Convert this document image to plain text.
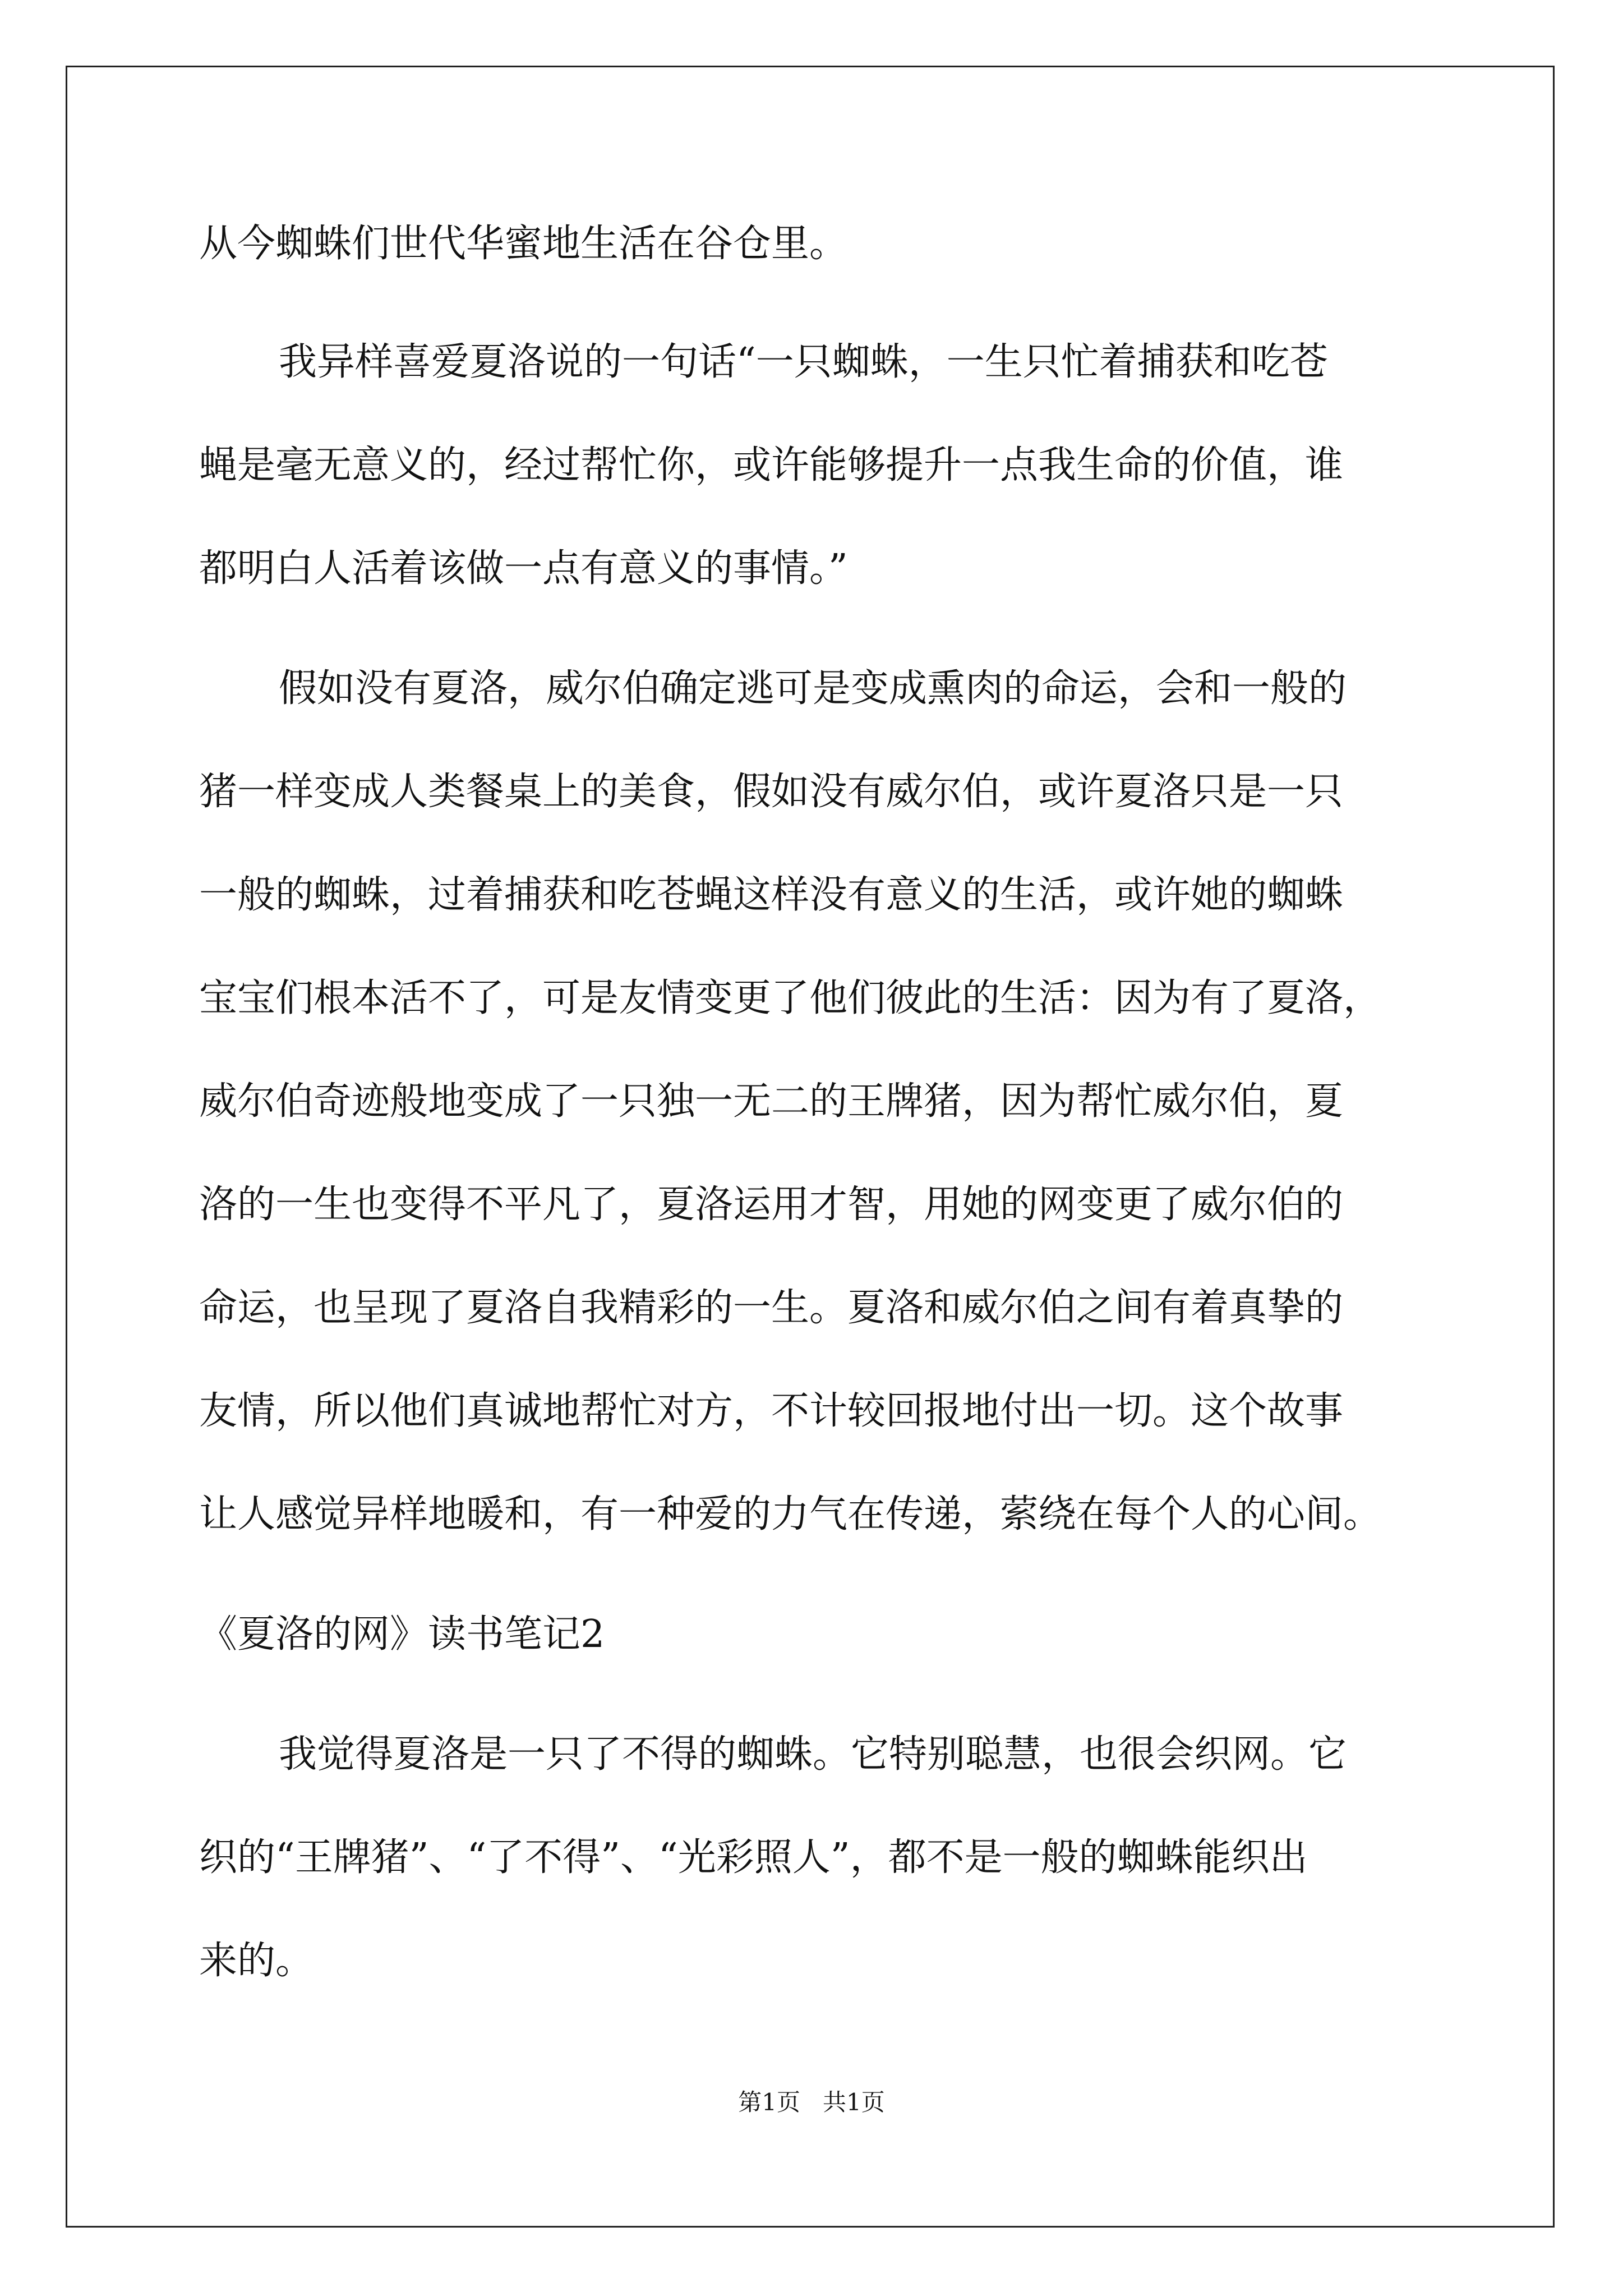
从今蜘蛛们世代华蜜地生活在谷仓里。

我异样喜爱夏洛说的一句话“一只蜘蛛，一生只忙着捕获和吃苍

蝇是毫无意义的，经过帮忙你，或许能够提升一点我生命的价值，谁

都明白人活着该做一点有意义的事情。”

假如没有夏洛，威尔伯确定逃可是变成熏肉的命运，会和一般的

猪一样变成人类餐桌上的美食，假如没有威尔伯，或许夏洛只是一只

一般的蜘蛛，过着捕获和吃苍蝇这样没有意义的生活，或许她的蜘蛛

宝宝们根本活不了，可是友情变更了他们彼此的生活：因为有了夏洛，

威尔伯奇迹般地变成了一只独一无二的王牌猪，因为帮忙威尔伯，夏

洛的一生也变得不平凡了，夏洛运用才智，用她的网变更了威尔伯的

命运，也呈现了夏洛自我精彩的一生。夏洛和威尔伯之间有着真挚的

友情，所以他们真诚地帮忙对方，不计较回报地付出一切。这个故事

让人感觉异样地暖和，有一种爱的力气在传递，萦绕在每个人的心间。

《夏洛的网》读书笔记2

我觉得夏洛是一只了不得的蜘蛛。它特别聪慧，也很会织网。它

织的“王牌猪”、“了不得”、“光彩照人”，都不是一般的蜘蛛能织出

来的。

第1页   共1页
